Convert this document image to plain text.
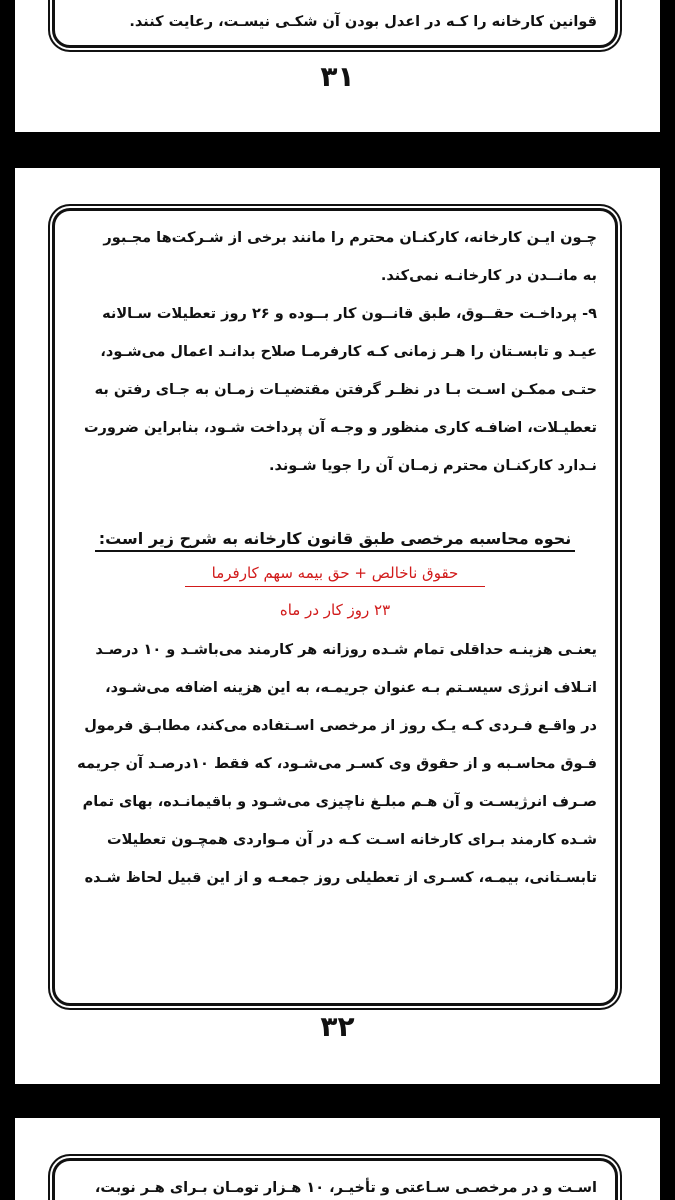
قوانین کارخانه را کـه در اعدل بودن آن شکـی نیسـت، رعایت کنند.

۳۱

چـون ایـن کارخانه، کارکنـان محترم را مانند برخی از شـرکت‌ها مجـبور

به مانــدن در کارخانـه نمی‌کند.

۹- پرداخـت حقــوق، طبق قانــون کار بــوده و ۲۶ روز تعطیلات سـالانه

عیـد و تابسـتان را هـر زمانی کـه کارفرمـا صلاح بدانـد اعمال می‌شـود،

حتـی ممکـن اسـت بـا در نظـر گرفتن مقتضیـات زمـان به جـای رفتن به

تعطیـلات، اضافـه کاری منظور و وجـه آن پرداخت شـود، بنابراین ضرورت

نـدارد کارکنـان محترم زمـان آن را جویا شـوند.

نحوه محاسبه مرخصی طبق قانون کارخانه به شرح زیر است:

حقوق ناخالص + حق بیمه سهم کارفرما

۲۳ روز کار در ماه

یعنـی هزینـه حداقلی تمام شـده روزانه هر کارمند می‌باشـد و ۱۰ درصـد

اتـلاف انرژی سیسـتم بـه عنوان جریمـه، به این هزینه اضافه می‌شـود،

در واقـع فـردی کـه یـک روز از مرخصی اسـتفاده می‌کند، مطابـق فرمول

فـوق محاسـبه و از حقوق وی کسـر می‌شـود، که فقط ۱۰درصـد آن جریمه

صـرف انرژیسـت و آن هـم مبلـغ ناچیزی می‌شـود و باقیمانـده، بهای تمام

شـده کارمند بـرای کارخانه اسـت کـه در آن مـواردی همچـون تعطیلات

تابسـتانی، بیمـه، کسـری از تعطیلی روز جمعـه و از این قبیل لحاظ شـده

۳۲

اسـت و در مرخصـی سـاعتی و تأخیـر، ۱۰ هـزار تومـان بـرای هـر نوبت،
